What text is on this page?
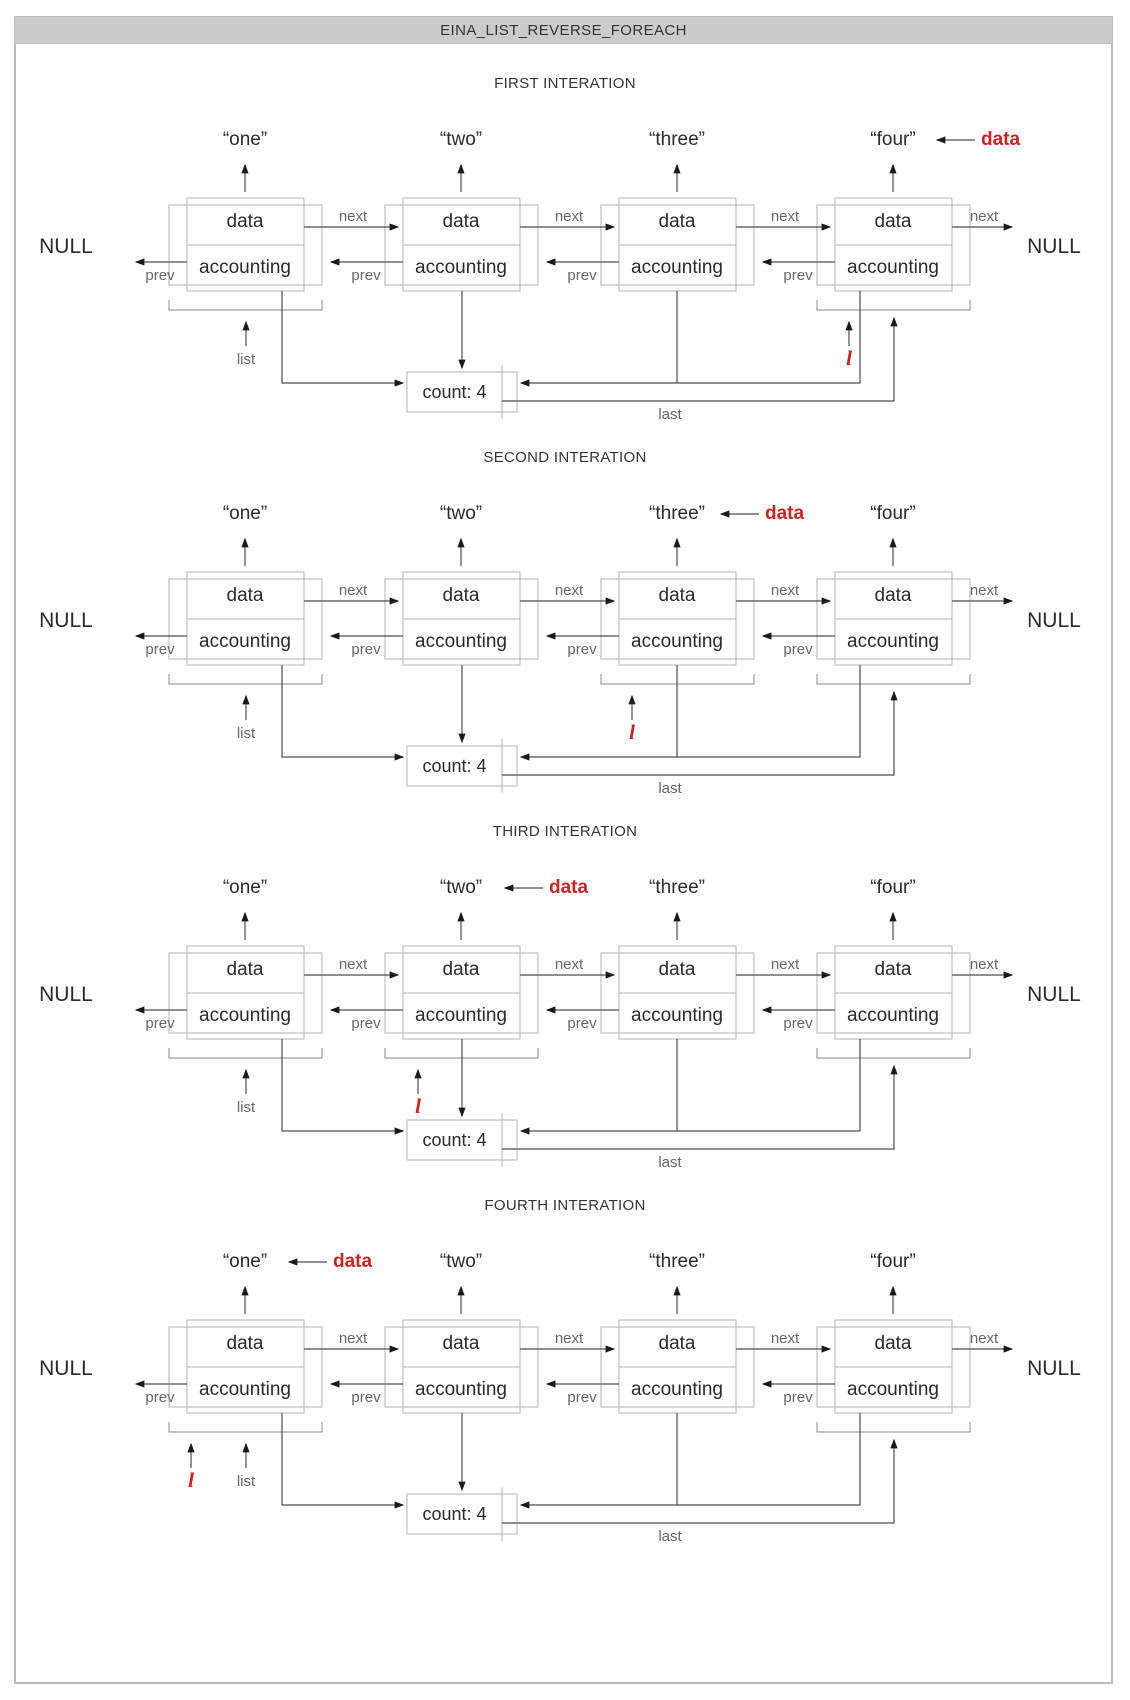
EINA_LIST_REVERSE_FOREACH
FIRST INTERATION
“one”	“two”	“three”	“four”	data
data
accounting
data
accounting
data
accounting
data
accounting
next	next	next	next
prev	prev	prev	prev
NULL	NULL
list	l
count: 4
last
SECOND INTERATION
“one”	“two”	“three”	“four”
data
data
accounting
data
accounting
data
accounting
data
accounting
next	next	next	next
prev	prev	prev	prev
NULL	NULL
list	l
count: 4
last
THIRD INTERATION
“one”	“two”	“three”	“four”
data
data
accounting
data
accounting
data
accounting
data
accounting
next	next	next	next
prev	prev	prev	prev
NULL	NULL
list	l
count: 4
last
FOURTH INTERATION
“one”	“two”	“three”	“four”
data
data
accounting
data
accounting
data
accounting
data
accounting
next	next	next	next
prev	prev	prev	prev
NULL	NULL
list
l
count: 4
last
